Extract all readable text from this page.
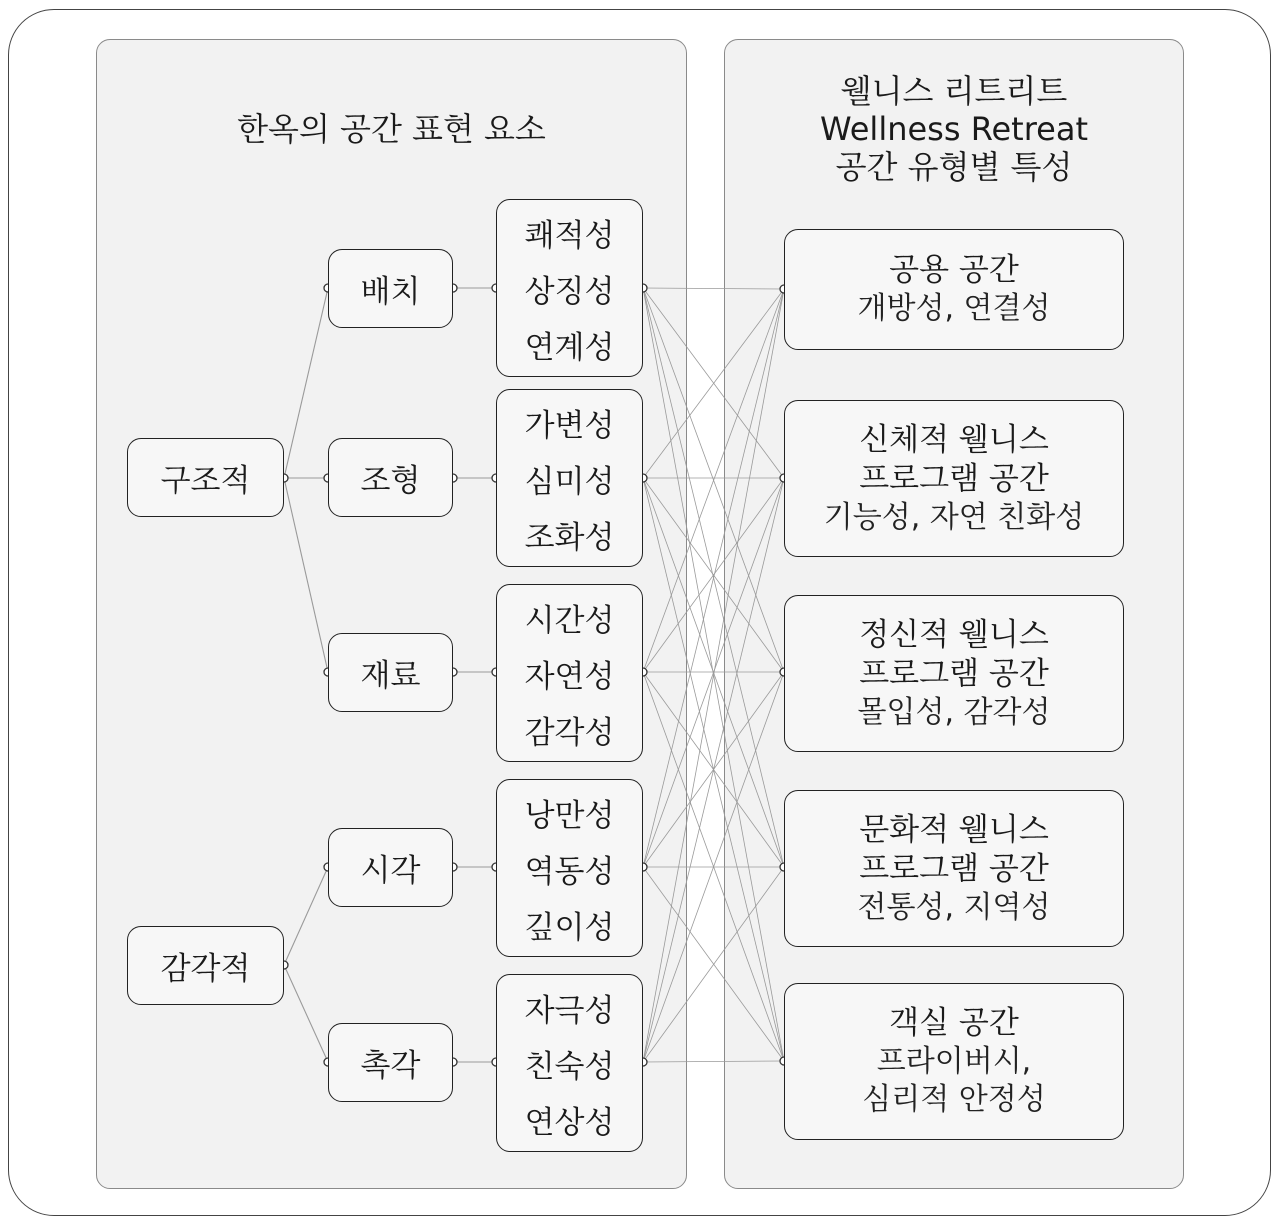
한옥의 공간 표현 요소
웰니스 리트리트
Wellness Retreat
공간 유형별 특성
구조적
감각적
배치
조형
재료
시각
촉각
쾌적성
상징성
연계성
가변성
심미성
조화성
시간성
자연성
감각성
낭만성
역동성
깊이성
자극성
친숙성
연상성
공용 공간
개방성, 연결성
신체적 웰니스
프로그램 공간
기능성, 자연 친화성
정신적 웰니스
프로그램 공간
몰입성, 감각성
문화적 웰니스
프로그램 공간
전통성, 지역성
객실 공간
프라이버시,
심리적 안정성
